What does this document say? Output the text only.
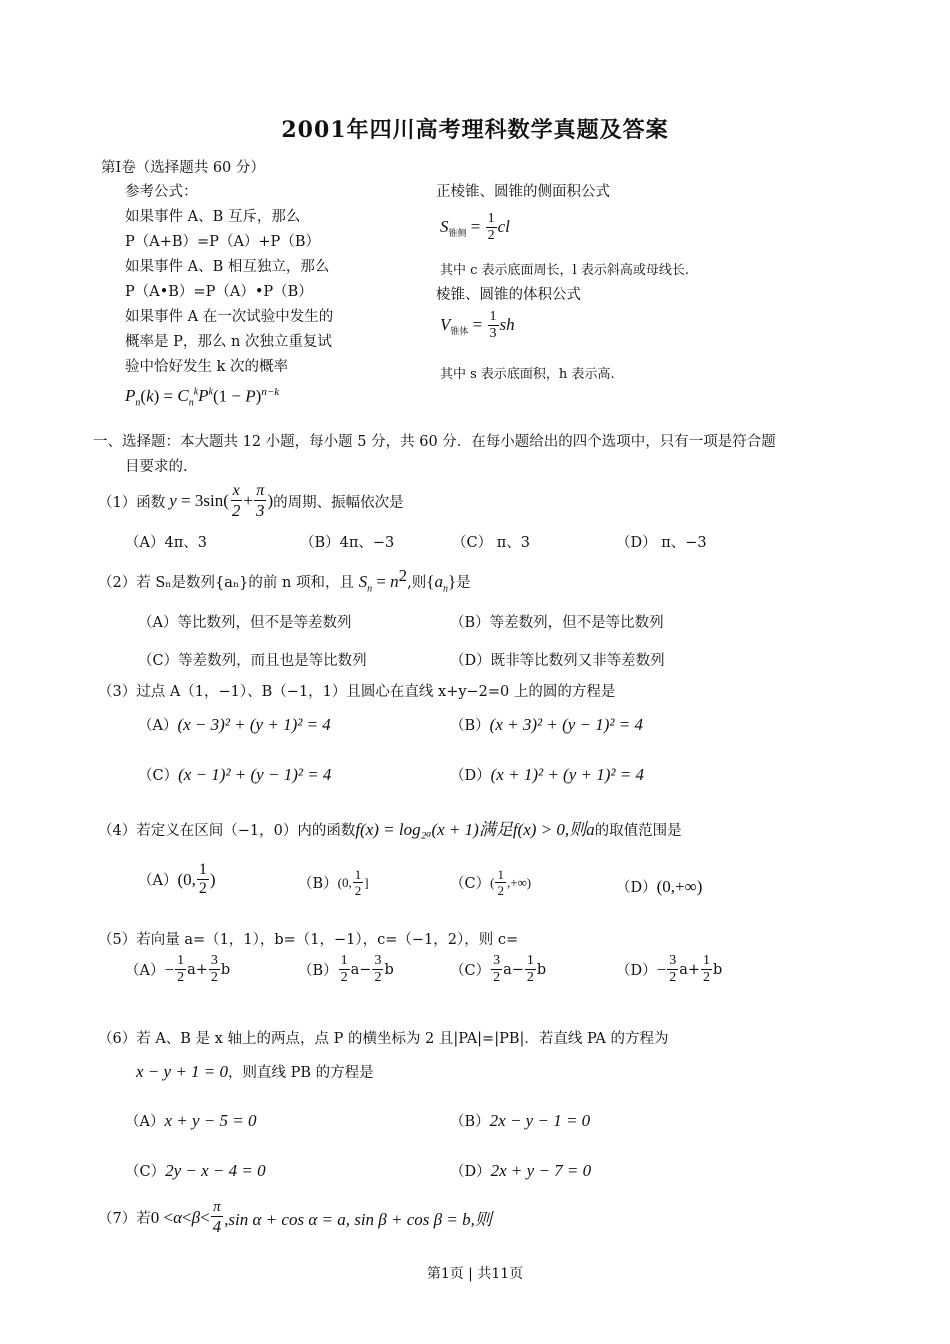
2001年四川高考理科数学真题及答案
第Ⅰ卷（选择题共 60 分）
参考公式：
如果事件 A、B 互斥，那么
P（A+B）=P（A）+P（B）
如果事件 A、B 相互独立，那么
P（A•B）=P（A）•P（B）
如果事件 A 在一次试验中发生的
概率是 P，那么 n 次独立重复试
验中恰好发生 k 次的概率
$P_n(k) = C_n^kP^k(1 - P)^{n-k}$
正棱锥、圆锥的侧面积公式
$S_{锥侧} = \frac{1}{2}$ cl
其中 c 表示底面周长，l 表示斜高或母线长.
棱锥、圆锥的体积公式
$V_{锥体} = \frac{1}{3}$ sh
其中 s 表示底面积，h 表示高.
一、选择题：本大题共 12 小题，每小题 5 分，共 60 分．在每小题给出的四个选项中，只有一项是符合题
目要求的.
（1）函数 $y = 3\sin( \frac{x}{2} + \frac{\pi}{3}$ ) 的周期、振幅依次是
（A）4π、3	（B）4π、−3	（C） π、3	（D） π、−3
（2）若 Sₙ是数列{aₙ}的前 n 项和，且 $S_n = n^2$,则$\{a_n\}$是
（A）等比数列，但不是等差数列	（B）等差数列，但不是等比数列
（C）等差数列，而且也是等比数列	（D）既非等比数列又非等差数列
（3）过点 A（1，−1）、B（−1，1）且圆心在直线 x+y−2=0 上的圆的方程是
（A）(x − 3)² + (y + 1)² = 4	（B）(x + 3)² + (y − 1)² = 4
（C）(x − 1)² + (y − 1)² = 4	（D）(x + 1)² + (y + 1)² = 4
（4）若定义在区间（−1，0）内的函数f(x) = log₂ₐ(x + 1)满足f(x) > 0,则a的取值范围是
（A） (0, $\frac{1}{2}$ )	（B） (0, $\frac{1}{2}$ ]	（C） ( $\frac{1}{2}$ ,+∞)	（D）(0,+∞)
（5）若向量 a=（1，1），b=（1，−1），c=（−1，2），则 c=
$(A) - \frac{1}{2} a+ \frac{3}{2}$ b	$(B) \frac{1}{2} a- \frac{3}{2}$ b	$(C) \frac{3}{2} a- \frac{1}{2}$ b	$(D) - \frac{3}{2} a+ \frac{1}{2}$ b
（6）若 A、B 是 x 轴上的两点，点 P 的横坐标为 2 且|PA|=|PB|．若直线 PA 的方程为
x − y + 1 = 0，则直线 PB 的方程是
（A）x + y − 5 = 0	（B）2x − y − 1 = 0
（C）2y − x − 4 = 0	（D）2x + y − 7 = 0
（7）若 $0 < \alpha < \beta < \frac{\pi}{4} ,\sin$ α + cos α = a, sin β + cos β = b,则
第1页 | 共11页
